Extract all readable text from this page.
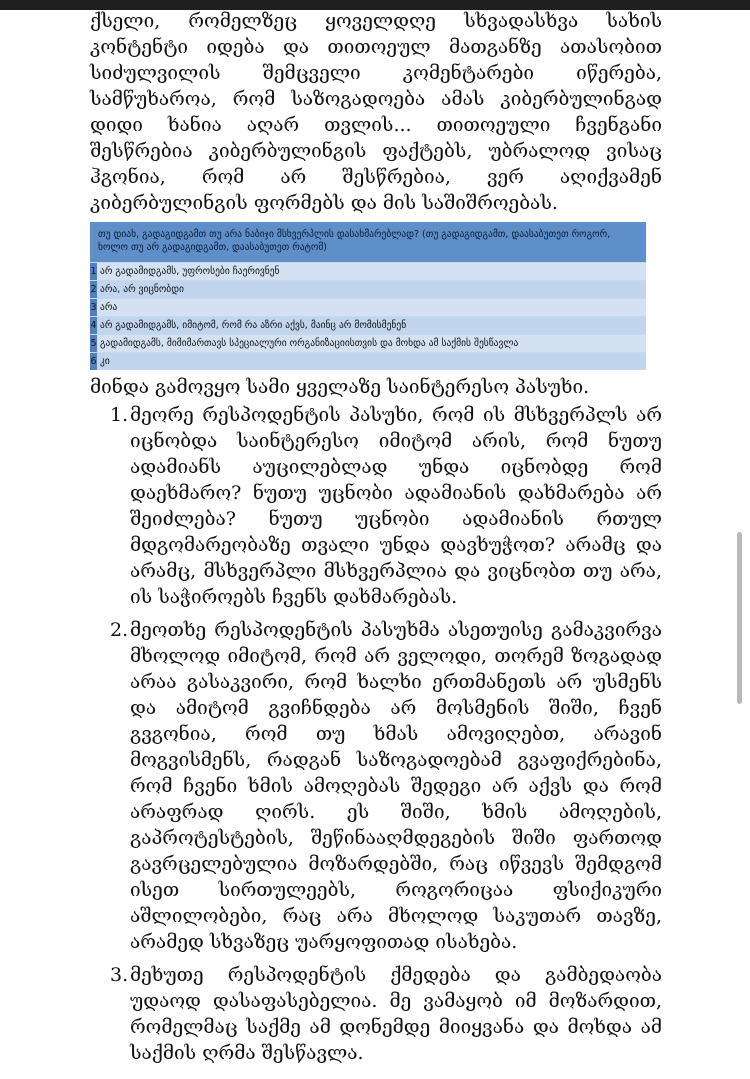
ქსელი, რომელზეც ყოველდღე სხვადასხვა სახის კონტენტი იდება და თითოეულ მათგანზე ათასობით სიძულვილის შემცველი კომენტარები იწერება, სამწუხაროა, რომ საზოგადოება ამას კიბერბულინგად დიდი ხანია აღარ თვლის... თითოეული ჩვენგანი შესწრებია კიბერბულინგის ფაქტებს, უბრალოდ ვისაც ჰგონია, რომ არ შესწრებია, ვერ აღიქვამენ კიბერბულინგის ფორმებს და მის საშიშროებას.

თუ დიახ, გადაგიდგამთ თუ არა ნაბიჯი მსხვერპლის დასახმარებლად? (თუ გადაგიდგამთ, დაასაბუთეთ როგორ, ხოლო თუ არ გადაგიდგამთ, დაასაბუთეთ რატომ)
1 არ გადამიდგამს, უფროსები ჩაერივნენ
2 არა, არ ვიცნობდი
3 არა
4 არ გადამიდგამს, იმიტომ, რომ რა აზრი აქვს, მაინც არ მომისმენენ
5 გადამიდგამს, მიმიმართავს სპეციალური ორგანიზაციისთვის და მოხდა ამ საქმის შესწავლა
6 კი

მინდა გამოვყო სამი ყველაზე საინტერესო პასუხი.

1. მეორე რესპოდენტის პასუხი, რომ ის მსხვერპლს არ იცნობდა საინტერესო იმიტომ არის, რომ ნუთუ ადამიანს აუცილებლად უნდა იცნობდე რომ დაეხმარო? ნუთუ უცნობი ადამიანის დახმარება არ შეიძლება? ნუთუ უცნობი ადამიანის რთულ მდგომარეობაზე თვალი უნდა დავხუჭოთ? არამც და არამც, მსხვერპლი მსხვერპლია და ვიცნობთ თუ არა, ის საჭიროებს ჩვენს დახმარებას.
2. მეოთხე რესპოდენტის პასუხმა ასეთუისე გამაკვირვა მხოლოდ იმიტომ, რომ არ ველოდი, თორემ ზოგადად არაა გასაკვირი, რომ ხალხი ერთმანეთს არ უსმენს და ამიტომ გვიჩნდება არ მოსმენის შიში, ჩვენ გვგონია, რომ თუ ხმას ამოვიღებთ, არავინ მოგვისმენს, რადგან საზოგადოებამ გვაფიქრებინა, რომ ჩვენი ხმის ამოღებას შედეგი არ აქვს და რომ არაფრად ღირს. ეს შიში, ხმის ამოღების, გაპროტესტების, შეწინააღმდეგების შიში ფართოდ გავრცელებულია მოზარდებში, რაც იწვევს შემდგომ ისეთ სირთულეებს, როგორიცაა ფსიქიკური აშლილობები, რაც არა მხოლოდ საკუთარ თავზე, არამედ სხვაზეც უარყოფითად ისახება.
3. მეხუთე რესპოდენტის ქმედება და გამბედაობა უდაოდ დასაფასებელია. მე ვამაყობ იმ მოზარდით, რომელმაც საქმე ამ დონემდე მიიყვანა და მოხდა ამ საქმის ღრმა შესწავლა.
